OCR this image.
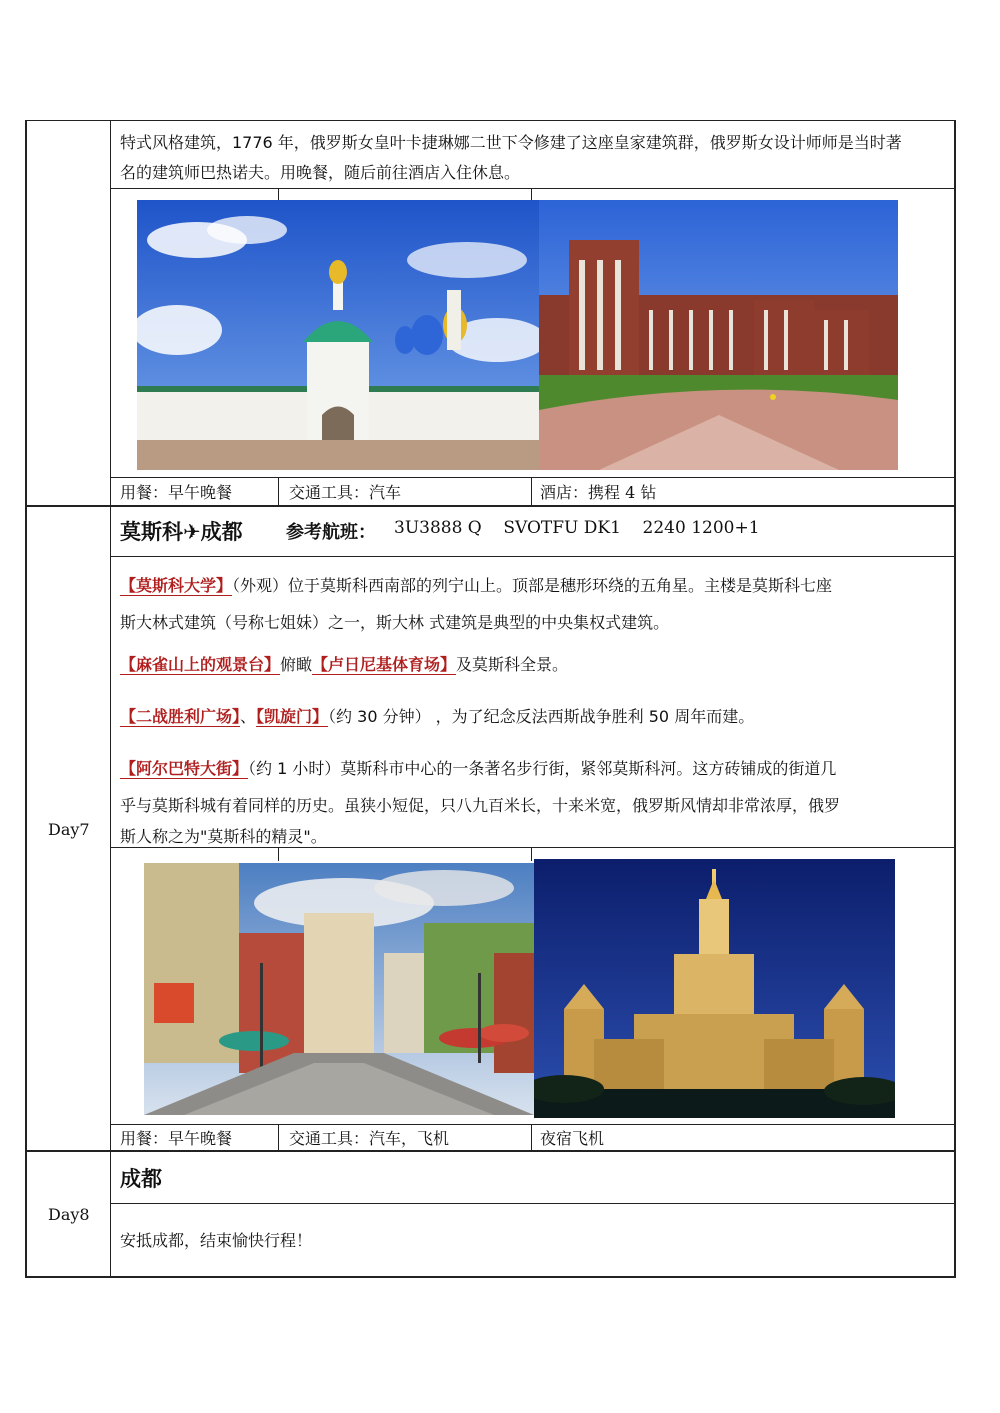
特式风格建筑，1776 年，俄罗斯女皇叶卡捷琳娜二世下令修建了这座皇家建筑群，俄罗斯女设计师师是当时著
名的建筑师巴热诺夫。用晚餐，随后前往酒店入住休息。
用餐：早午晚餐	交通工具：汽车	酒店：携程 4 钻
Day7
莫斯科✈成都 参考航班： 3U3888 Q    SVOTFU DK1    2240 1200+1
【莫斯科大学】（外观）位于莫斯科西南部的列宁山上。顶部是穗形环绕的五角星。主楼是莫斯科七座
斯大林式建筑（号称七姐妹）之一，斯大林 式建筑是典型的中央集权式建筑。
【麻雀山上的观景台】俯瞰【卢日尼基体育场】及莫斯科全景。
【二战胜利广场】、【凯旋门】（约 30 分钟） ，为了纪念反法西斯战争胜利 50 周年而建。
【阿尔巴特大街】（约 1 小时）莫斯科市中心的一条著名步行街，紧邻莫斯科河。这方砖铺成的街道几
乎与莫斯科城有着同样的历史。虽狭小短促，只八九百米长，十来米宽，俄罗斯风情却非常浓厚，俄罗
斯人称之为"莫斯科的精灵"。
用餐：早午晚餐	交通工具：汽车，飞机	夜宿飞机
Day8
成都
安抵成都，结束愉快行程！
